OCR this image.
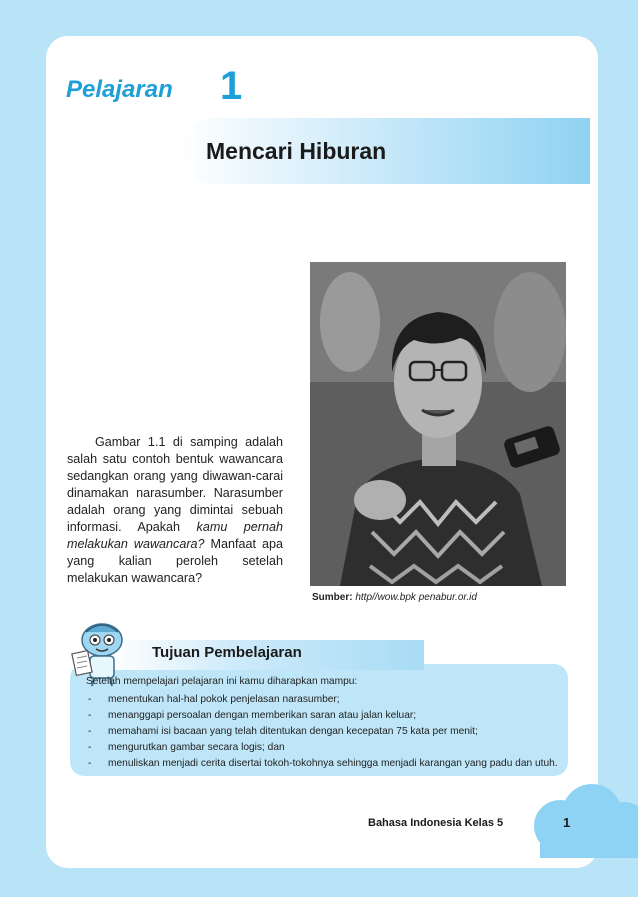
Pelajaran 1
Mencari Hiburan
Sumber: http//wow.bpk penabur.or.id

Gambar 1.1 di samping adalah salah satu contoh bentuk wawancara sedangkan orang yang diwawan-carai dinamakan narasumber. Narasumber adalah orang yang dimintai sebuah informasi. Apakah kamu pernah melakukan wawancara? Manfaat apa yang kalian peroleh setelah melakukan wawancara?

Tujuan Pembelajaran
Setelah mempelajari pelajaran ini kamu diharapkan mampu:
- menentukan hal-hal pokok penjelasan narasumber;
- menanggapi persoalan dengan memberikan saran atau jalan keluar;
- memahami isi bacaan yang telah ditentukan dengan kecepatan 75 kata per menit;
- mengurutkan gambar secara logis; dan
- menuliskan menjadi cerita disertai tokoh-tokohnya sehingga menjadi karangan yang padu dan utuh.
Bahasa Indonesia Kelas 5	1
